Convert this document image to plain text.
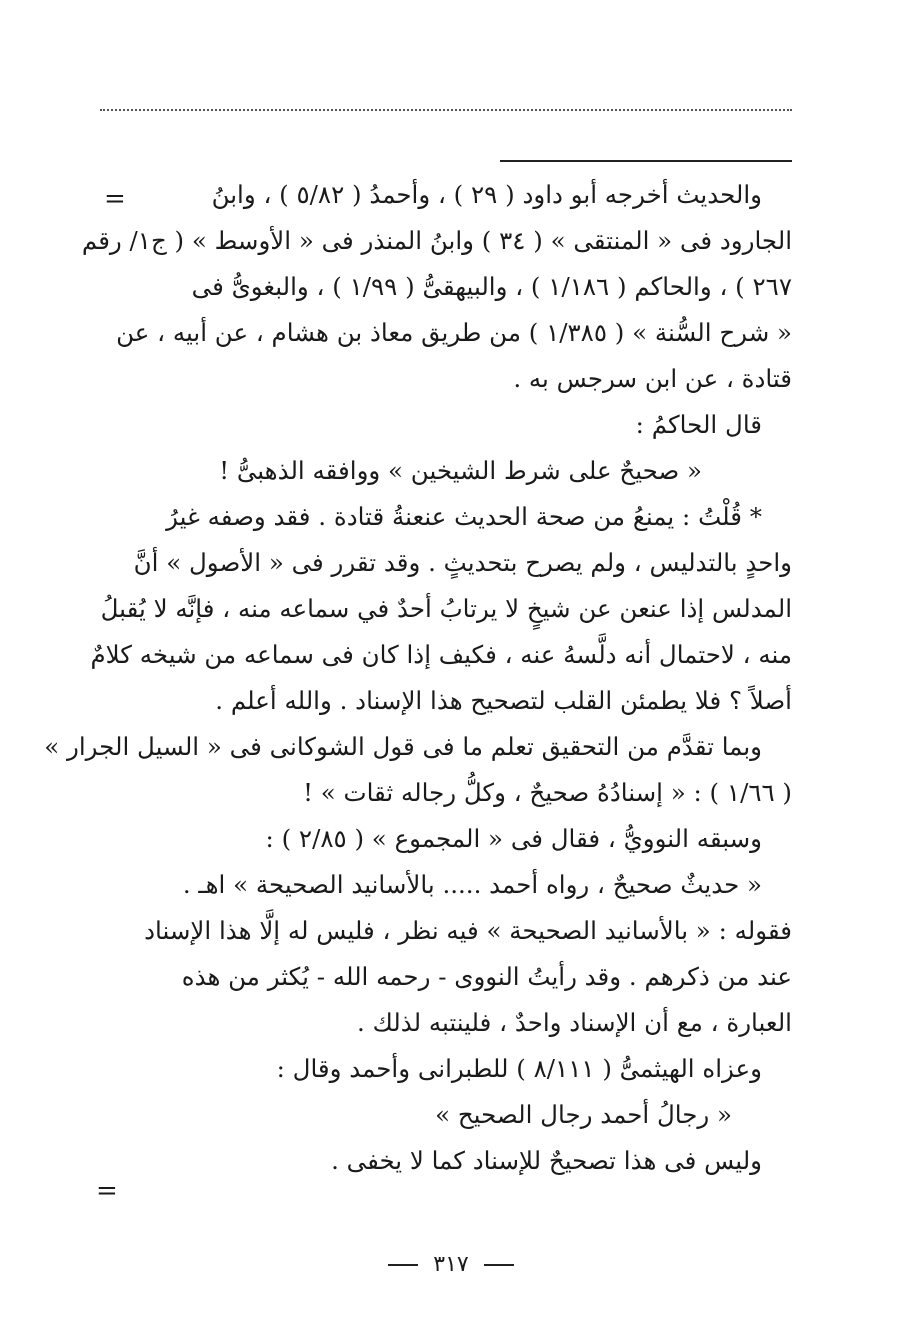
=	والحديث أخرجه أبو داود ( ٢٩ ) ، وأحمدُ ( ٥/٨٢ ) ، وابنُ
الجارود فى « المنتقى » ( ٣٤ ) وابنُ المنذر فى « الأوسط » ( ج١/ رقم
٢٦٧ ) ، والحاكم ( ١/١٨٦ ) ، والبيهقىُّ ( ١/٩٩ ) ، والبغوىُّ فى
« شرح السُّنة » ( ١/٣٨٥ ) من طريق معاذ بن هشام ، عن أبيه ، عن
قتادة ، عن ابن سرجس به .
قال الحاكمُ :
« صحيحٌ على شرط الشيخين » ووافقه الذهبىُّ !
* قُلْتُ : يمنعُ من صحة الحديث عنعنةُ قتادة . فقد وصفه غيرُ
واحدٍ بالتدليس ، ولم يصرح بتحديثٍ . وقد تقرر فى « الأصول » أنَّ
المدلس إذا عنعن عن شيخٍ لا يرتابُ أحدٌ في سماعه منه ، فإنَّه لا يُقبلُ
منه ، لاحتمال أنه دلَّسهُ عنه ، فكيف إذا كان فى سماعه من شيخه كلامٌ
أصلاً ؟ فلا يطمئن القلب لتصحيح هذا الإسناد . والله أعلم .
وبما تقدَّم من التحقيق تعلم ما فى قول الشوكانى فى « السيل الجرار »
( ١/٦٦ ) : « إسنادُهُ صحيحٌ ، وكلُّ رجاله ثقات » !
وسبقه النوويُّ ، فقال فى « المجموع » ( ٢/٨٥ ) :
« حديثٌ صحيحٌ ، رواه أحمد ..... بالأسانيد الصحيحة » اهـ .
فقوله : « بالأسانيد الصحيحة » فيه نظر ، فليس له إلَّا هذا الإسناد
عند من ذكرهم . وقد رأيتُ النووى - رحمه الله - يُكثر من هذه
العبارة ، مع أن الإسناد واحدٌ ، فلينتبه لذلك .
وعزاه الهيثمىُّ ( ٨/١١١ ) للطبرانى وأحمد وقال :
« رجالُ أحمد رجال الصحيح »
وليس فى هذا تصحيحٌ للإسناد كما لا يخفى .
=
٣١٧
